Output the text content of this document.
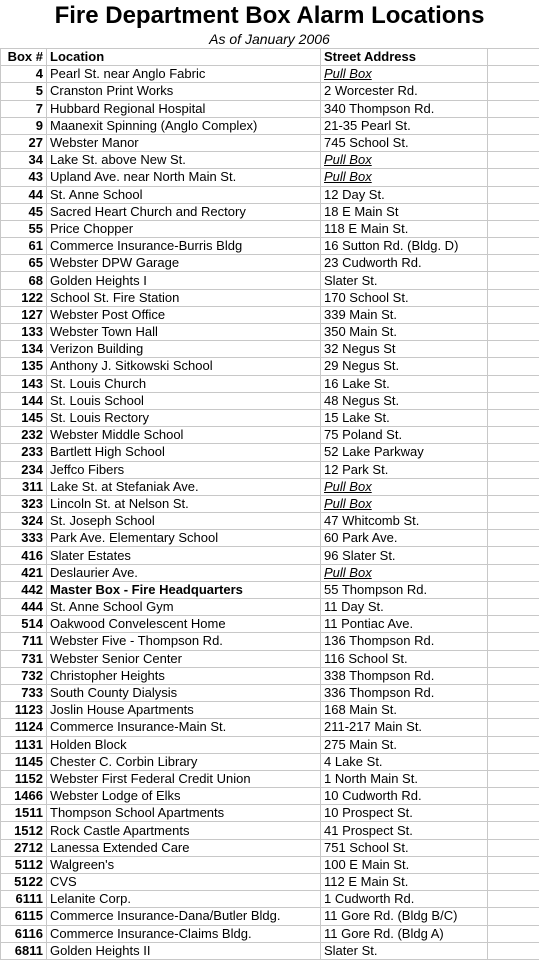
Fire Department Box Alarm Locations
As of January 2006
Box #	Location	Street Address	
4	Pearl St. near Anglo Fabric	Pull Box	
5	Cranston Print Works	2 Worcester Rd.	
7	Hubbard Regional Hospital	340 Thompson Rd.	
9	Maanexit Spinning (Anglo Complex)	21-35 Pearl St.	
27	Webster Manor	745 School St.	
34	Lake St. above New St.	Pull Box	
43	Upland Ave. near North Main St.	Pull Box	
44	St. Anne School	12 Day St.	
45	Sacred Heart Church and Rectory	18 E Main St	
55	Price Chopper	118 E Main St.	
61	Commerce Insurance-Burris Bldg	16 Sutton Rd. (Bldg. D)	
65	Webster DPW Garage	23 Cudworth Rd.	
68	Golden Heights I	Slater St.	
122	School St. Fire Station	170 School St.	
127	Webster Post Office	339 Main St.	
133	Webster Town Hall	350 Main St.	
134	Verizon Building	32 Negus St	
135	Anthony J. Sitkowski School	29 Negus St.	
143	St. Louis Church	16 Lake St.	
144	St. Louis School	48 Negus St.	
145	St. Louis Rectory	15 Lake St.	
232	Webster Middle School	75 Poland St.	
233	Bartlett High School	52 Lake Parkway	
234	Jeffco Fibers	12 Park St.	
311	Lake St. at Stefaniak Ave.	Pull Box	
323	Lincoln St. at Nelson St.	Pull Box	
324	St. Joseph School	47 Whitcomb St.	
333	Park Ave. Elementary School	60 Park Ave.	
416	Slater Estates	96 Slater St.	
421	Deslaurier Ave.	Pull Box	
442	Master Box - Fire Headquarters	55 Thompson Rd.	
444	St. Anne School Gym	11 Day St.	
514	Oakwood Convelescent Home	11 Pontiac Ave.	
711	Webster Five - Thompson Rd.	136 Thompson Rd.	
731	Webster Senior Center	116 School St.	
732	Christopher Heights	338 Thompson Rd.	
733	South County Dialysis	336 Thompson Rd.	
1123	Joslin House Apartments	168 Main St.	
1124	Commerce Insurance-Main St.	211-217 Main St.	
1131	Holden Block	275 Main St.	
1145	Chester C. Corbin Library	4 Lake St.	
1152	Webster First Federal Credit Union	1 North Main St.	
1466	Webster Lodge of Elks	10 Cudworth Rd.	
1511	Thompson School Apartments	10 Prospect St.	
1512	Rock Castle Apartments	41 Prospect St.	
2712	Lanessa Extended Care	751 School St.	
5112	Walgreen's	100 E Main St.	
5122	CVS	112 E Main St.	
6111	Lelanite Corp.	1 Cudworth Rd.	
6115	Commerce Insurance-Dana/Butler Bldg.	11 Gore Rd. (Bldg B/C)	
6116	Commerce Insurance-Claims Bldg.	11 Gore Rd. (Bldg A)	
6811	Golden Heights II	Slater St.	
